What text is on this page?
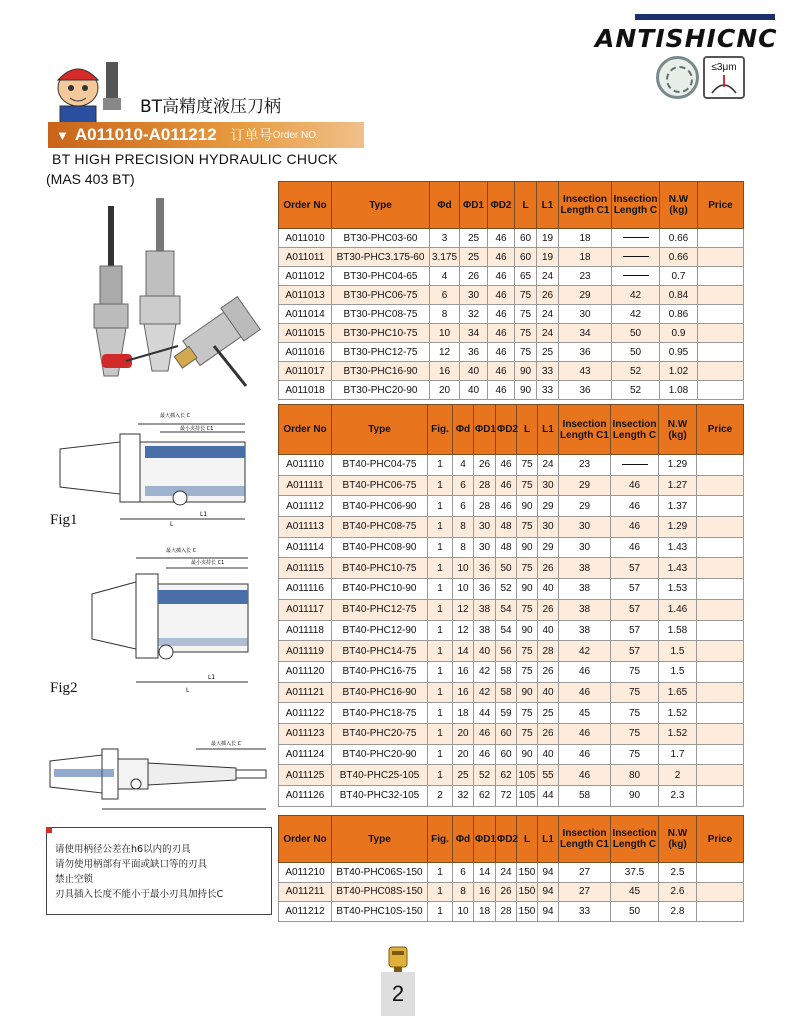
ANTISHICNC
≤3μm
BT高精度液压刀柄
▼ A011010-A011212 订单号 Order NO.
BT HIGH PRECISION HYDRAULIC CHUCK
(MAS 403 BT)
最大插入长 C
最小夹持长 C1
L1
L
Fig1
最大插入长 C
最小夹持长 C1
L1
L
Fig2
最大插入长 C
请使用柄径公差在h6以内的刃具
请勿使用柄部有平面或缺口等的刃具
禁止空锁
刃具插入长度不能小于最小刃具加持长C
2
Order No	Type	Φd	ΦD1	ΦD2	L	L1	Insection Length C1	Insection Length C	N.W (kg)	Price
A011010	BT30-PHC03-60	3	25	46	60	19	18		0.66	
A011011	BT30-PHC3.175-60	3.175	25	46	60	19	18		0.66	
A011012	BT30-PHC04-65	4	26	46	65	24	23		0.7	
A011013	BT30-PHC06-75	6	30	46	75	26	29	42	0.84	
A011014	BT30-PHC08-75	8	32	46	75	24	30	42	0.86	
A011015	BT30-PHC10-75	10	34	46	75	24	34	50	0.9	
A011016	BT30-PHC12-75	12	36	46	75	25	36	50	0.95	
A011017	BT30-PHC16-90	16	40	46	90	33	43	52	1.02	
A011018	BT30-PHC20-90	20	40	46	90	33	36	52	1.08	
Order No	Type	Fig.	Φd	ΦD1	ΦD2	L	L1	Insection Length C1	Insection Length C	N.W (kg)	Price
A011110	BT40-PHC04-75	1	4	26	46	75	24	23		1.29	
A011111	BT40-PHC06-75	1	6	28	46	75	30	29	46	1.27	
A011112	BT40-PHC06-90	1	6	28	46	90	29	29	46	1.37	
A011113	BT40-PHC08-75	1	8	30	48	75	30	30	46	1.29	
A011114	BT40-PHC08-90	1	8	30	48	90	29	30	46	1.43	
A011115	BT40-PHC10-75	1	10	36	50	75	26	38	57	1.43	
A011116	BT40-PHC10-90	1	10	36	52	90	40	38	57	1.53	
A011117	BT40-PHC12-75	1	12	38	54	75	26	38	57	1.46	
A011118	BT40-PHC12-90	1	12	38	54	90	40	38	57	1.58	
A011119	BT40-PHC14-75	1	14	40	56	75	28	42	57	1.5	
A011120	BT40-PHC16-75	1	16	42	58	75	26	46	75	1.5	
A011121	BT40-PHC16-90	1	16	42	58	90	40	46	75	1.65	
A011122	BT40-PHC18-75	1	18	44	59	75	25	45	75	1.52	
A011123	BT40-PHC20-75	1	20	46	60	75	26	46	75	1.52	
A011124	BT40-PHC20-90	1	20	46	60	90	40	46	75	1.7	
A011125	BT40-PHC25-105	1	25	52	62	105	55	46	80	2	
A011126	BT40-PHC32-105	2	32	62	72	105	44	58	90	2.3	
Order No	Type	Fig.	Φd	ΦD1	ΦD2	L	L1	Insection Length C1	Insection Length C	N.W (kg)	Price
A011210	BT40-PHC06S-150	1	6	14	24	150	94	27	37.5	2.5	
A011211	BT40-PHC08S-150	1	8	16	26	150	94	27	45	2.6	
A011212	BT40-PHC10S-150	1	10	18	28	150	94	33	50	2.8	
